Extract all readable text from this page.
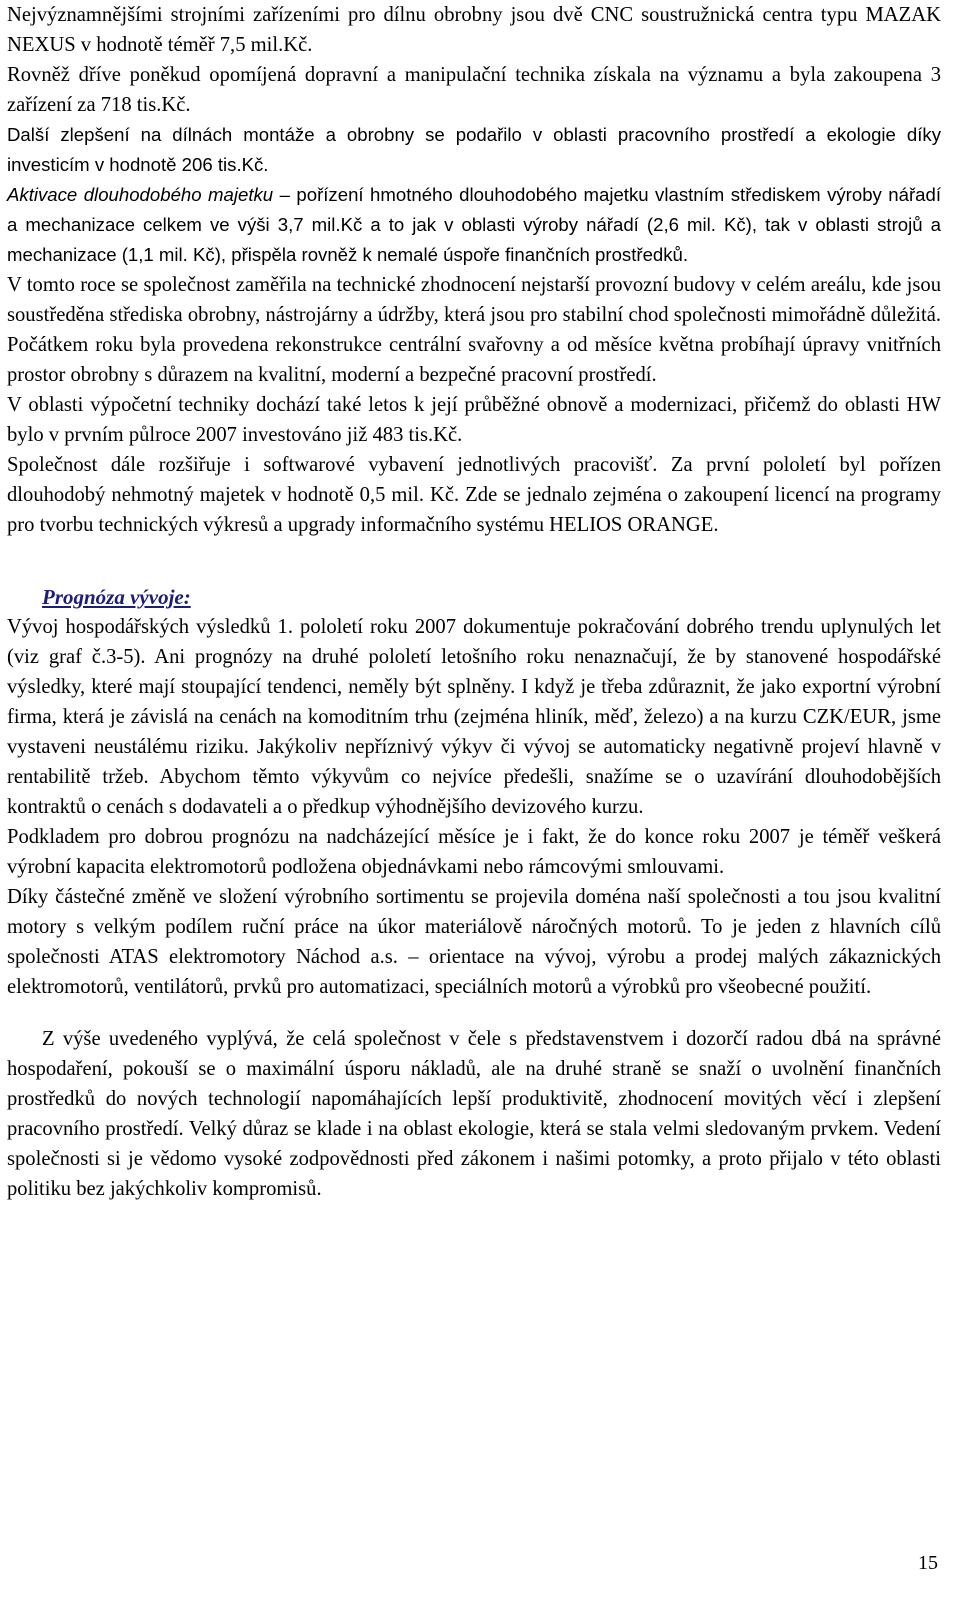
Nejvýznamnějšími strojními zařízeními pro dílnu obrobny jsou dvě CNC soustružnická centra typu MAZAK NEXUS v hodnotě téměř 7,5 mil.Kč.

Rovněž dříve poněkud opomíjená dopravní a manipulační technika získala na významu a byla zakoupena 3 zařízení za 718 tis.Kč.

Další zlepšení na dílnách montáže a obrobny se podařilo v oblasti pracovního prostředí a ekologie díky investicím v hodnotě 206 tis.Kč.

Aktivace dlouhodobého majetku – pořízení hmotného dlouhodobého majetku vlastním střediskem výroby nářadí a mechanizace celkem ve výši 3,7 mil.Kč a to jak v oblasti výroby nářadí (2,6 mil. Kč), tak v oblasti strojů a mechanizace (1,1 mil. Kč), přispěla rovněž k nemalé úspoře finančních prostředků.

V tomto roce se společnost zaměřila na technické zhodnocení nejstarší provozní budovy v celém areálu, kde jsou soustředěna střediska obrobny, nástrojárny a údržby, která jsou pro stabilní chod společnosti mimořádně důležitá. Počátkem roku byla provedena rekonstrukce centrální svařovny a od měsíce května probíhají úpravy vnitřních prostor obrobny s důrazem na kvalitní, moderní a bezpečné pracovní prostředí.

V oblasti výpočetní techniky dochází také letos k její průběžné obnově a modernizaci, přičemž do oblasti HW bylo v prvním půlroce 2007 investováno již 483 tis.Kč.

Společnost dále rozšiřuje i softwarové vybavení jednotlivých pracovišť. Za první pololetí byl pořízen dlouhodobý nehmotný majetek v hodnotě 0,5 mil. Kč. Zde se jednalo zejména o zakoupení licencí na programy pro tvorbu technických výkresů a upgrady informačního systému HELIOS ORANGE.

Prognóza vývoje:

Vývoj hospodářských výsledků 1. pololetí roku 2007 dokumentuje pokračování dobrého trendu uplynulých let (viz graf č.3-5). Ani prognózy na druhé pololetí letošního roku nenaznačují, že by stanovené hospodářské výsledky, které mají stoupající tendenci, neměly být splněny. I když je třeba zdůraznit, že jako exportní výrobní firma, která je závislá na cenách na komoditním trhu (zejména hliník, měď, železo) a na kurzu CZK/EUR, jsme vystaveni neustálému riziku. Jakýkoliv nepříznivý výkyv či vývoj se automaticky negativně projeví hlavně v rentabilitě tržeb. Abychom těmto výkyvům co nejvíce předešli, snažíme se o uzavírání dlouhodobějších kontraktů o cenách s dodavateli a o předkup výhodnějšího devizového kurzu.

Podkladem pro dobrou prognózu na nadcházející měsíce je i fakt, že do konce roku 2007 je téměř veškerá výrobní kapacita elektromotorů podložena objednávkami nebo rámcovými smlouvami.

Díky částečné změně ve složení výrobního sortimentu se projevila doména naší společnosti a tou jsou kvalitní motory s velkým podílem ruční práce na úkor materiálově náročných motorů. To je jeden z hlavních cílů společnosti ATAS elektromotory Náchod a.s. – orientace na vývoj, výrobu a prodej malých zákaznických elektromotorů, ventilátorů, prvků pro automatizaci, speciálních motorů a výrobků pro všeobecné použití.

Z výše uvedeného vyplývá, že celá společnost v čele s představenstvem i dozorčí radou dbá na správné hospodaření, pokouší se o maximální úsporu nákladů, ale na druhé straně se snaží o uvolnění finančních prostředků do nových technologií napomáhajících lepší produktivitě, zhodnocení movitých věcí i zlepšení pracovního prostředí. Velký důraz se klade i na oblast ekologie, která se stala velmi sledovaným prvkem. Vedení společnosti si je vědomo vysoké zodpovědnosti před zákonem i našimi potomky, a proto přijalo v této oblasti politiku bez jakýchkoliv kompromisů.

15
